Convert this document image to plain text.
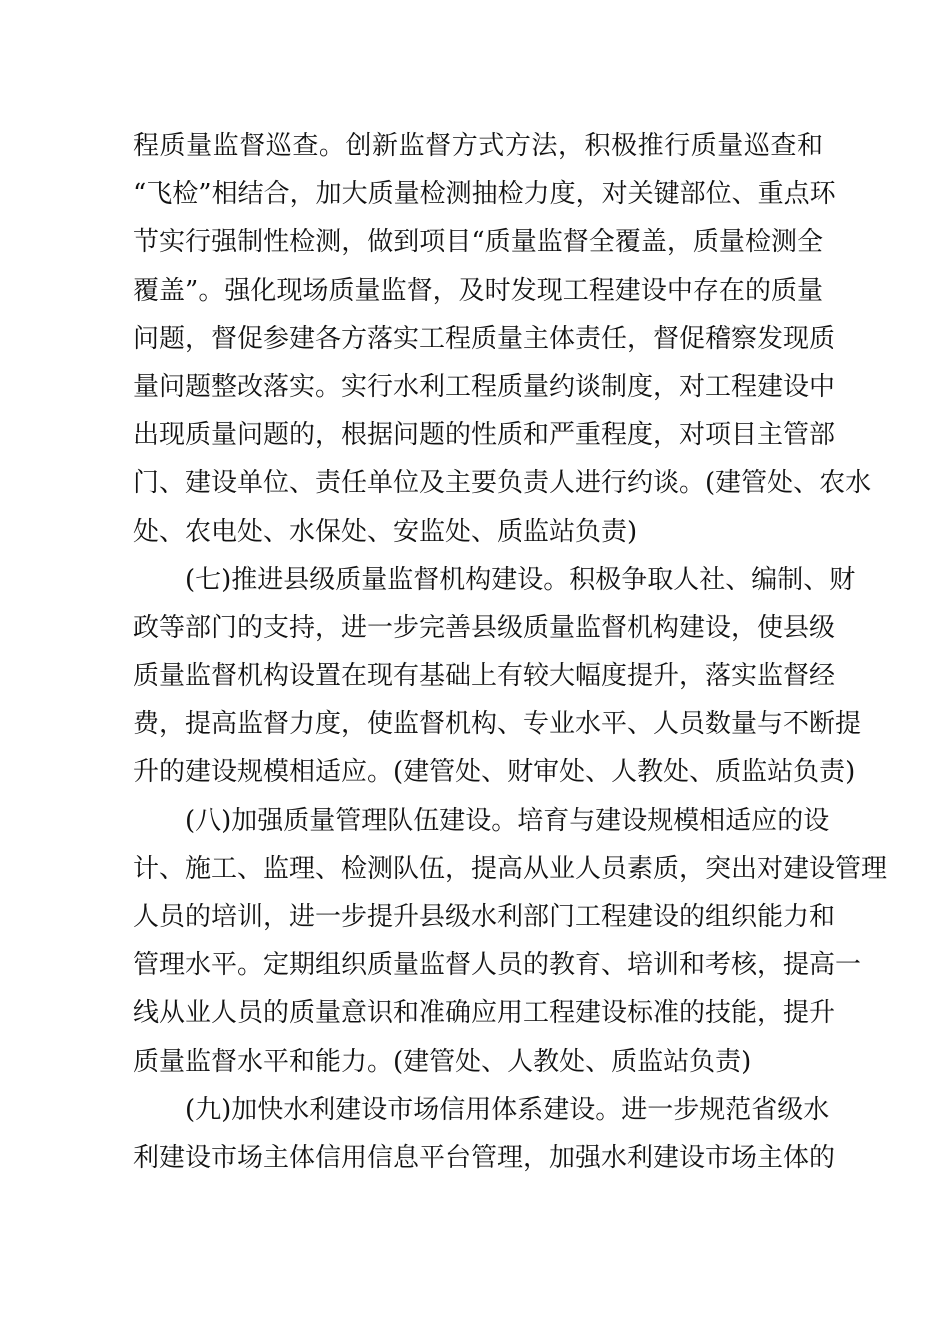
程质量监督巡查。创新监督方式方法，积极推行质量巡查和
“飞检”相结合，加大质量检测抽检力度，对关键部位、重点环
节实行强制性检测，做到项目“质量监督全覆盖，质量检测全
覆盖”。强化现场质量监督，及时发现工程建设中存在的质量
问题，督促参建各方落实工程质量主体责任，督促稽察发现质
量问题整改落实。实行水利工程质量约谈制度，对工程建设中
出现质量问题的，根据问题的性质和严重程度，对项目主管部
门、建设单位、责任单位及主要负责人进行约谈。(建管处、农水
处、农电处、水保处、安监处、质监站负责)
(七)推进县级质量监督机构建设。积极争取人社、编制、财
政等部门的支持，进一步完善县级质量监督机构建设，使县级
质量监督机构设置在现有基础上有较大幅度提升，落实监督经
费，提高监督力度，使监督机构、专业水平、人员数量与不断提
升的建设规模相适应。(建管处、财审处、人教处、质监站负责)
(八)加强质量管理队伍建设。培育与建设规模相适应的设
计、施工、监理、检测队伍，提高从业人员素质，突出对建设管理
人员的培训，进一步提升县级水利部门工程建设的组织能力和
管理水平。定期组织质量监督人员的教育、培训和考核，提高一
线从业人员的质量意识和准确应用工程建设标准的技能，提升
质量监督水平和能力。(建管处、人教处、质监站负责)
(九)加快水利建设市场信用体系建设。进一步规范省级水
利建设市场主体信用信息平台管理，加强水利建设市场主体的
